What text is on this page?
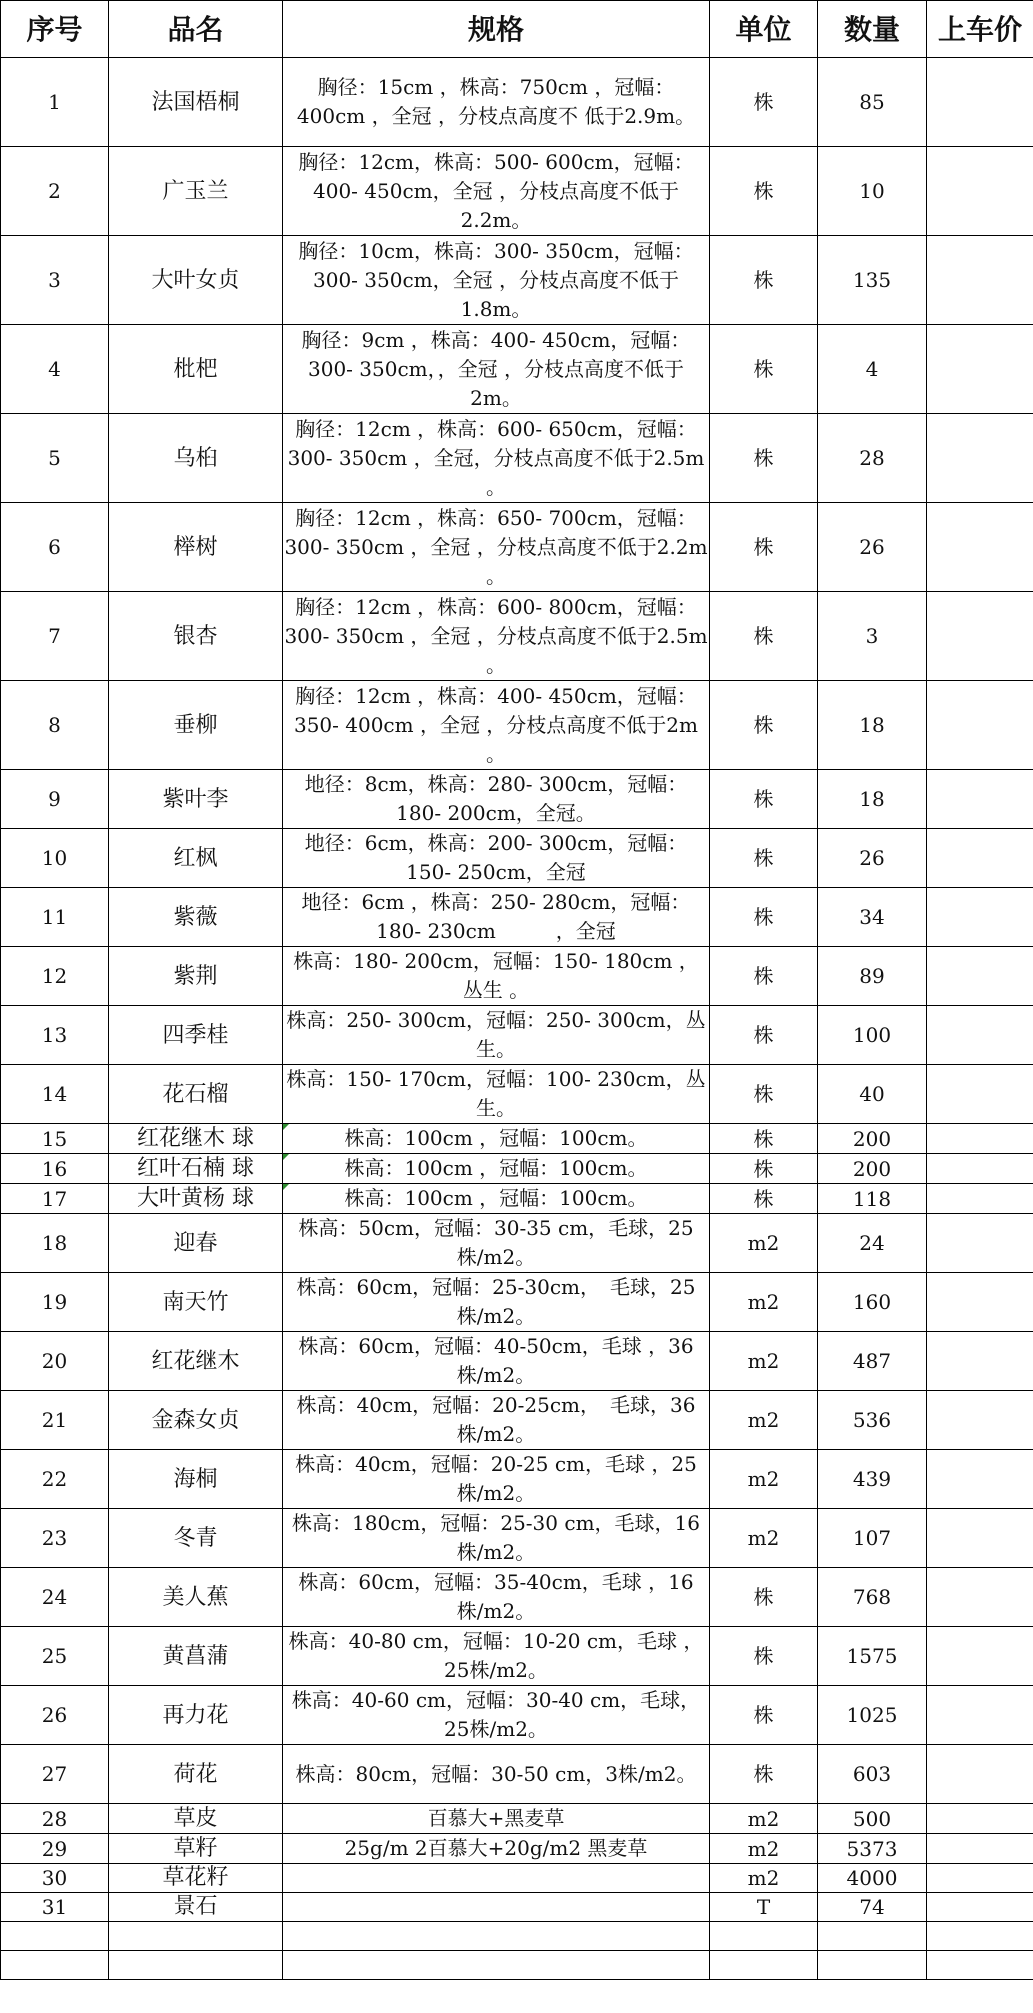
序号	品名	规格	单位	数量	上车价
1	法国梧桐	胸径：15cm ，株高：750cm ，冠幅：400cm ，全冠 ，分枝点高度不 低于2.9m。	株	85	
2	广玉兰	胸径：12cm，株高：500- 600cm，冠幅：400- 450cm，全冠 ，分枝点高度不低于2.2m。	株	10	
3	大叶女贞	胸径：10cm，株高：300- 350cm，冠幅：300- 350cm，全冠 ，分枝点高度不低于1.8m。	株	135	
4	枇杷	胸径：9cm ，株高：400- 450cm，冠幅：300- 350cm，，全冠 ，分枝点高度不低于2m。	株	4	
5	乌桕	胸径：12cm ，株高：600- 650cm，冠幅：300- 350cm ，全冠，分枝点高度不低于2.5m 。	株	28	
6	榉树	胸径：12cm ，株高：650- 700cm，冠幅：300- 350cm ，全冠 ，分枝点高度不低于2.2m 。	株	26	
7	银杏	胸径：12cm ，株高：600- 800cm，冠幅：300- 350cm ，全冠 ，分枝点高度不低于2.5m 。	株	3	
8	垂柳	胸径：12cm ，株高：400- 450cm，冠幅：350- 400cm ，全冠 ，分枝点高度不低于2m 。	株	18	
9	紫叶李	地径：8cm，株高：280- 300cm，冠幅：180- 200cm，全冠。	株	18	
10	红枫	地径：6cm，株高：200- 300cm，冠幅：150- 250cm，全冠	株	26	
11	紫薇	地径：6cm ，株高：250- 280cm，冠幅：180- 230cm　　　，全冠	株	34	
12	紫荆	株高：180- 200cm，冠幅：150- 180cm ，丛生 。	株	89	
13	四季桂	株高：250- 300cm，冠幅：250- 300cm，丛生。	株	100	
14	花石榴	株高：150- 170cm，冠幅：100- 230cm，丛生。	株	40	
15	红花继木 球	株高：100cm ，冠幅：100cm。	株	200	
16	红叶石楠 球	株高：100cm ，冠幅：100cm。	株	200	
17	大叶黄杨 球	株高：100cm ，冠幅：100cm。	株	118	
18	迎春	株高：50cm，冠幅：30-35 cm，毛球，25株/m2。	m2	24	
19	南天竹	株高：60cm，冠幅：25-30cm，　毛球，25株/m2。	m2	160	
20	红花继木	株高：60cm，冠幅：40-50cm，毛球 ，36株/m2。	m2	487	
21	金森女贞	株高：40cm，冠幅：20-25cm，　毛球，36株/m2。	m2	536	
22	海桐	株高：40cm，冠幅：20-25 cm，毛球 ，25株/m2。	m2	439	
23	冬青	株高：180cm，冠幅：25-30 cm，毛球，16株/m2。	m2	107	
24	美人蕉	株高：60cm，冠幅：35-40cm，毛球 ，16株/m2。	株	768	
25	黄菖蒲	株高：40-80 cm，冠幅：10-20 cm，毛球 ，25株/m2。	株	1575	
26	再力花	株高：40-60 cm，冠幅：30-40 cm，毛球，25株/m2。	株	1025	
27	荷花	株高：80cm，冠幅：30-50 cm，3株/m2。	株	603	
28	草皮	百慕大+黑麦草	m2	500	
29	草籽	25g/m 2百慕大+20g/m2 黑麦草	m2	5373	
30	草花籽		m2	4000	
31	景石		T	74	
